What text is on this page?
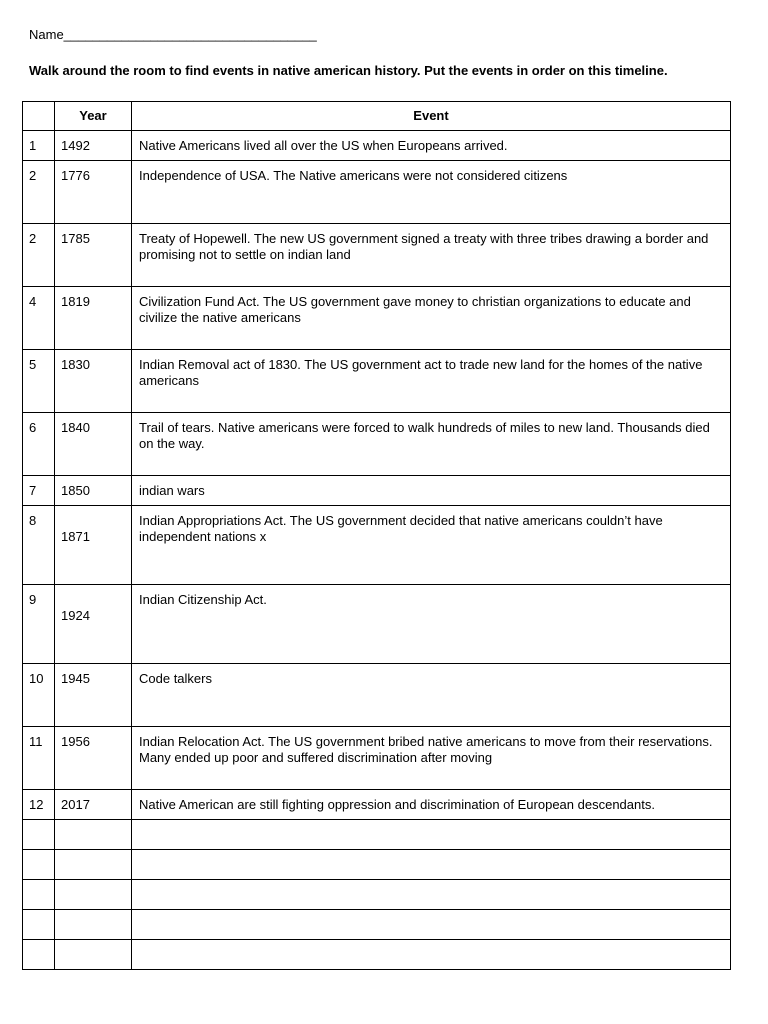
Name___________________________________
Walk around the room to find events in native american history. Put the events in order on this timeline.
	Year	Event
1	1492	Native Americans lived all over the US when Europeans arrived.
2	1776	Independence of USA. The Native americans were not considered citizens
2	1785	Treaty of Hopewell. The new US government signed a treaty with three tribes drawing a border and promising not to settle on indian land
4	1819	Civilization Fund Act. The US government gave money to christian organizations to educate and civilize the native americans
5	1830	Indian Removal act of 1830. The US government act to trade new land for the homes of the native americans
6	1840	Trail of tears. Native americans were forced to walk hundreds of miles to new land. Thousands died on the way.
7	1850	indian wars
8	1871	Indian Appropriations Act. The US government decided that native americans couldn’t have independent nations x
9	1924	Indian Citizenship Act.
10	1945	Code talkers
11	1956	Indian Relocation Act. The US government bribed native americans to move from their reservations. Many ended up poor and suffered discrimination after moving
12	2017	Native American are still fighting oppression and discrimination of European descendants.
